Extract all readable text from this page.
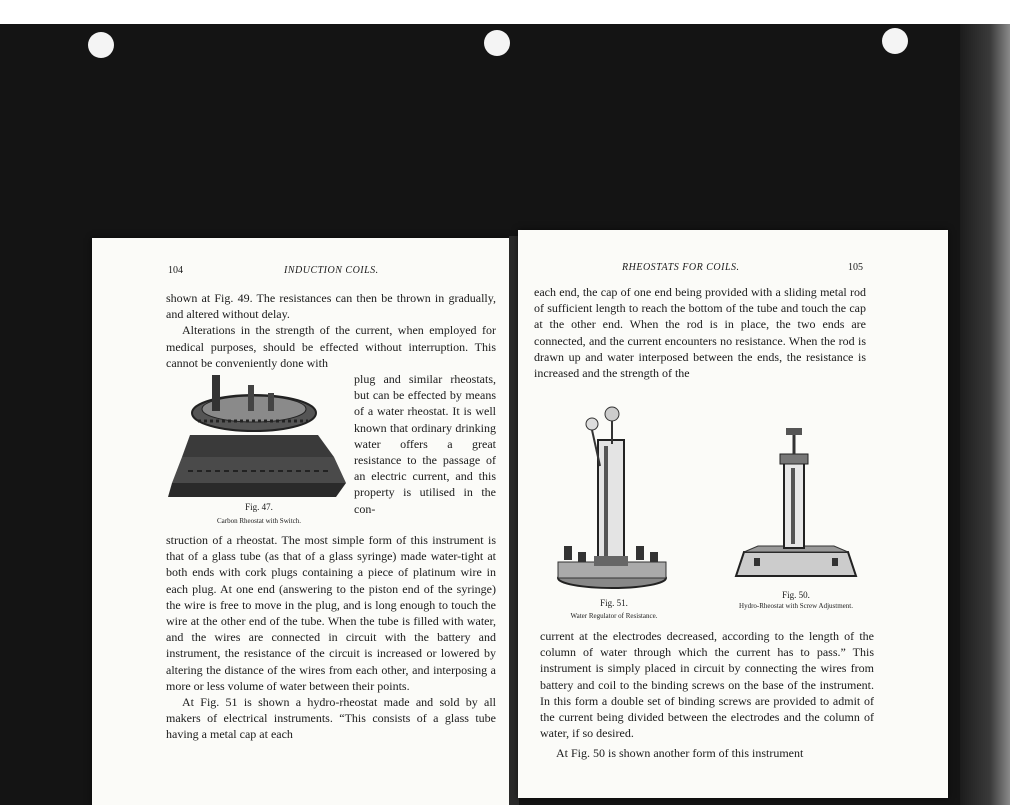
104	INDUCTION COILS.

shown at Fig. 49. The resistances can then be thrown in gradually, and altered without delay.

Alterations in the strength of the current, when employed for medical purposes, should be effected without interruption. This cannot be conveniently done with

Fig. 47.
Carbon Rheostat with Switch.
plug and similar rheostats, but can be effected by means of a water rheostat. It is well known that ordinary drinking water offers a great resistance to the passage of an electric current, and this property is utilised in the con-

struction of a rheostat. The most simple form of this instrument is that of a glass tube (as that of a glass syringe) made water-tight at both ends with cork plugs containing a piece of platinum wire in each plug. At one end (answering to the piston end of the syringe) the wire is free to move in the plug, and is long enough to touch the wire at the other end of the tube. When the tube is filled with water, and the wires are connected in circuit with the battery and instrument, the resistance of the circuit is increased or lowered by altering the distance of the wires from each other, and interposing a more or less volume of water between their points.

At Fig. 51 is shown a hydro-rheostat made and sold by all makers of electrical instruments. “This consists of a glass tube having a metal cap at each

RHEOSTATS FOR COILS.	105
each end, the cap of one end being provided with a sliding metal rod of sufficient length to reach the bottom of the tube and touch the cap at the other end. When the rod is in place, the two ends are connected, and the current encounters no resistance. When the rod is drawn up and water interposed between the ends, the resistance is increased and the strength of the
Fig. 51.
Water Regulator of Resistance.
Fig. 50.
Hydro-Rheostat with Screw Adjustment.

current at the electrodes decreased, according to the length of the column of water through which the current has to pass.” This instrument is simply placed in circuit by connecting the wires from battery and coil to the binding screws on the base of the instrument. In this form a double set of binding screws are provided to admit of the current being divided between the electrodes and the column of water, if so desired.

At Fig. 50 is shown another form of this instrument
